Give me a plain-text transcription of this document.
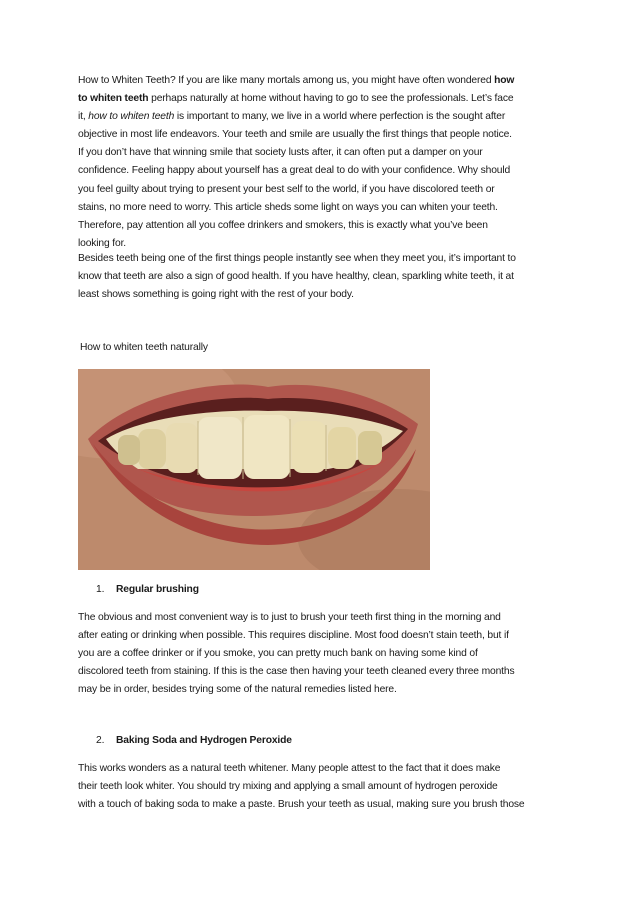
How to Whiten Teeth? If you are like many mortals among us, you might have often wondered how

to whiten teeth perhaps naturally at home without having to go to see the professionals. Let’s face

it, how to whiten teeth is important to many, we live in a world where perfection is the sought after

objective in most life endeavors. Your teeth and smile are usually the first things that people notice.

If you don’t have that winning smile that society lusts after, it can often put a damper on your

confidence. Feeling happy about yourself has a great deal to do with your confidence. Why should

you feel guilty about trying to present your best self to the world, if you have discolored teeth or

stains, no more need to worry. This article sheds some light on ways you can whiten your teeth.

Therefore, pay attention all you coffee drinkers and smokers, this is exactly what you’ve been

looking for.

Besides teeth being one of the first things people instantly see when they meet you, it’s important to

know that teeth are also a sign of good health. If you have healthy, clean, sparkling white teeth, it at

least shows something is going right with the rest of your body.

How to whiten teeth naturally
1. Regular brushing

The obvious and most convenient way is to just to brush your teeth first thing in the morning and

after eating or drinking when possible. This requires discipline. Most food doesn’t stain teeth, but if

you are a coffee drinker or if you smoke, you can pretty much bank on having some kind of

discolored teeth from staining. If this is the case then having your teeth cleaned every three months

may be in order, besides trying some of the natural remedies listed here.

2. Baking Soda and Hydrogen Peroxide

This works wonders as a natural teeth whitener. Many people attest to the fact that it does make

their teeth look whiter. You should try mixing and applying a small amount of hydrogen peroxide

with a touch of baking soda to make a paste. Brush your teeth as usual, making sure you brush those
